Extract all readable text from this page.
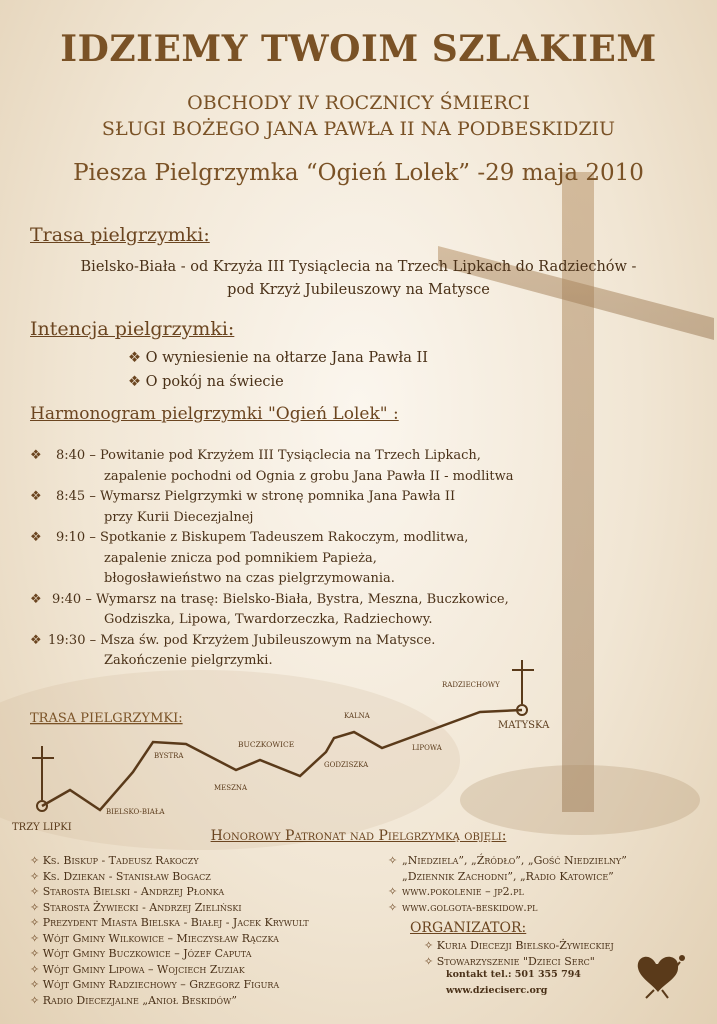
IDZIEMY TWOIM SZLAKIEM
OBCHODY IV ROCZNICY ŚMIERCI
SŁUGI BOŻEGO JANA PAWŁA II NA PODBESKIDZIU
Piesza Pielgrzymka “Ogień Lolek” -29 maja 2010
Trasa pielgrzymki:
Bielsko-Biała - od Krzyża III Tysiąclecia na Trzech Lipkach do Radziechów -
pod Krzyż Jubileuszowy na Matysce
Intencja pielgrzymki:
❖ O wyniesienie na ołtarze Jana Pawła II
❖ O pokój na świecie
Harmonogram pielgrzymki "Ogień Lolek" :
❖ 8:40 – Powitanie pod Krzyżem III Tysiąclecia na Trzech Lipkach,
zapalenie pochodni od Ognia z grobu Jana Pawła II - modlitwa
❖ 8:45 – Wymarsz Pielgrzymki w stronę pomnika Jana Pawła II
przy Kurii Diecezjalnej
❖ 9:10 – Spotkanie z Biskupem Tadeuszem Rakoczym, modlitwa,
zapalenie znicza pod pomnikiem Papieża,
błogosławieństwo na czas pielgrzymowania.
❖ 9:40 – Wymarsz na trasę: Bielsko-Biała, Bystra, Meszna, Buczkowice,
Godziszka, Lipowa, Twardorzeczka, Radziechowy.
❖ 19:30 – Msza św. pod Krzyżem Jubileuszowym na Matysce.
Zakończenie pielgrzymki.
TRASA PIELGRZYMKI:
TRZY LIPKI
BIELSKO-BIAŁA
BYSTRA
MESZNA
BUCZKOWICE
GODZISZKA
KALNA
LIPOWA
RADZIECHOWY
MATYSKA
Honorowy Patronat nad Pielgrzymką objęli:
✧ Ks. Biskup - Tadeusz Rakoczy
✧ Ks. Dziekan - Stanisław Bogacz
✧ Starosta Bielski - Andrzej Płonka
✧ Starosta Żywiecki - Andrzej Zieliński
✧ Prezydent Miasta Bielska - Białej - Jacek Krywult
✧ Wójt Gminy Wilkowice – Mieczysław Rączka
✧ Wójt Gminy Buczkowice – Józef Caputa
✧ Wójt Gminy Lipowa – Wojciech Zuziak
✧ Wójt Gminy Radziechowy – Grzegorz Figura
✧ Radio Diecezjalne „Anioł Beskidów”
✧ „Niedziela”, „Źródło”, „Gość Niedzielny”
„Dziennik Zachodni”, „Radio Katowice”
✧ www.pokolenie – jp2.pl
✧ www.golgota-beskidow.pl
ORGANIZATOR:
✧ Kuria Diecezji Bielsko-Żywieckiej
✧ Stowarzyszenie "Dzieci Serc"
kontakt tel.: 501 355 794
www.dzieciserc.org
